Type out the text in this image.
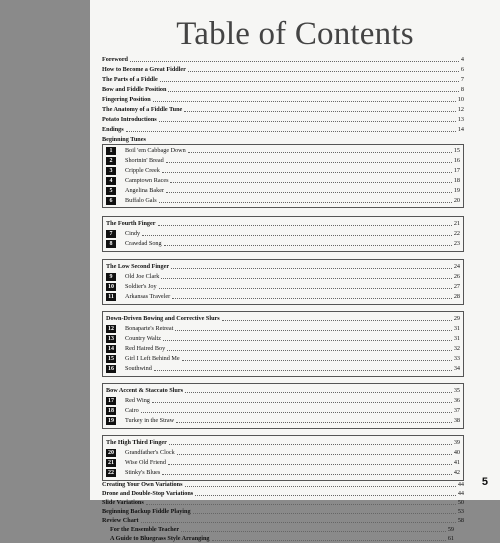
Table of Contents
Foreword	4
How to Become a Great Fiddler	6
The Parts of a Fiddle	7
Bow and Fiddle Position	8
Fingering Position	10
The Anatomy of a Fiddle Tune	12
Potato Introductions	13
Endings	14
Beginning Tunes
1	Boil 'em Cabbage Down	15
2	Shortnin' Bread	16
3	Cripple Creek	17
4	Camptown Races	18
5	Angelina Baker	19
6	Buffalo Gals	20
The Fourth Finger	21
7	Cindy	22
8	Crawdad Song	23
The Low Second Finger	24
9	Old Joe Clark	26
10	Soldier's Joy	27
11	Arkansas Traveler	28
Down-Driven Bowing and Corrective Slurs	29
12	Bonaparte's Retreat	31
13	Country Waltz	31
14	Red Haired Boy	32
15	Girl I Left Behind Me	33
16	Southwind	34
Bow Accent & Staccato Slurs	35
17	Red Wing	36
18	Cairo	37
19	Turkey in the Straw	38
The High Third Finger	39
20	Grandfather's Clock	40
21	Wise Old Friend	41
22	Stinky's Blues	42
Creating Your Own Variations	44
Drone and Double-Stop Variations	44
Slide Variations	50
Beginning Backup Fiddle Playing	53
Review Chart	58
For the Ensemble Teacher	59
A Guide to Bluegrass Style Arranging	61
5
